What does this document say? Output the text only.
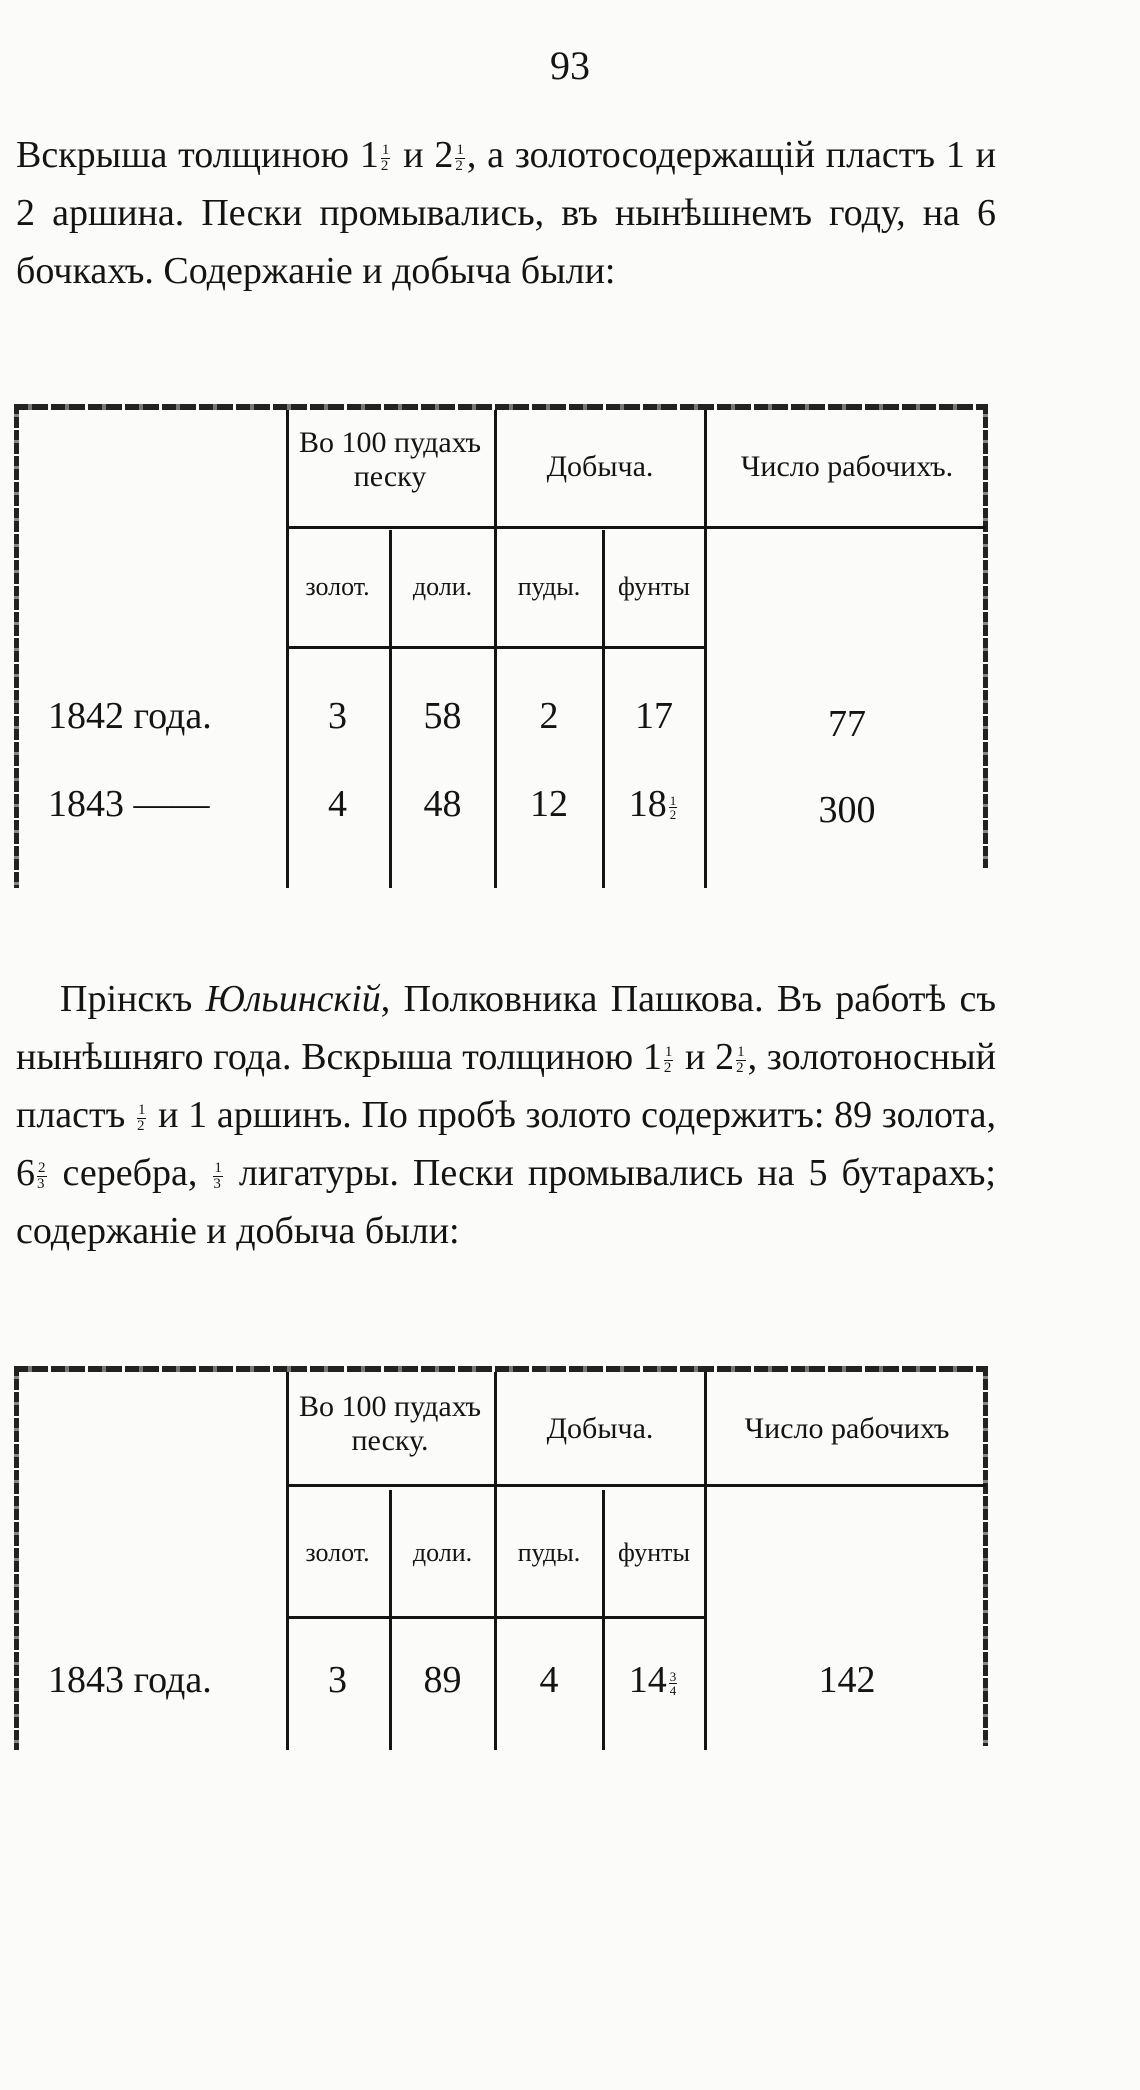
93

Вскрыша толщиною $1 \frac{1}{2}$ и $2 \frac{1}{2}$ , а золотосодержащій пластъ 1 и 2 аршина. Пески промывались, въ нынѣшнемъ году, на 6 бочкахъ. Содержаніе и добыча были:

Во 100 пудахъ песку	Добыча.	Число рабочихъ.
золот.	доли.	пуды.	фунты
1842 года.	3	58	2	17	77
1843 ——	4	48	12	$18 \frac{1}{2}$	300

Прінскъ Юльинскій, Полковника Пашкова. Въ работѣ съ нынѣшняго года. Вскрыша толщиною $1 \frac{1}{2}$ и $2 \frac{1}{2}$ , золотоносный пластъ $\frac{1}{2}$ и 1 аршинъ. По пробѣ золото содержитъ: 89 золота, $6 \frac{2}{3}$ серебра, $\frac{1}{3}$ лигатуры. Пески промывались на 5 бутарахъ; содержаніе и добыча были:

Во 100 пудахъ песку.	Добыча.	Число рабочихъ
золот.	доли.	пуды.	фунты
1843 года.	3	89	4	$14 \frac{3}{4}$	142
